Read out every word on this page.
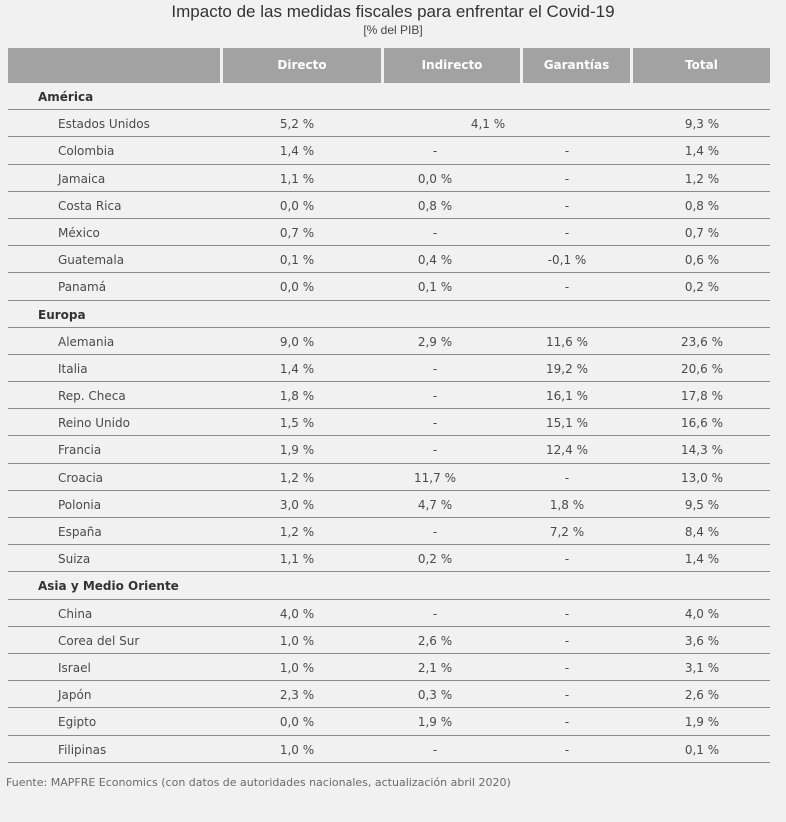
Impacto de las medidas fiscales para enfrentar el Covid-19
[% del PIB]
Directo	Indirecto	Garantías	Total
América
Estados Unidos	5,2 %	4,1 %	9,3 %
Colombia	1,4 %	-	-	1,4 %
Jamaica	1,1 %	0,0 %	-	1,2 %
Costa Rica	0,0 %	0,8 %	-	0,8 %
México	0,7 %	-	-	0,7 %
Guatemala	0,1 %	0,4 %	-0,1 %	0,6 %
Panamá	0,0 %	0,1 %	-	0,2 %
Europa
Alemania	9,0 %	2,9 %	11,6 %	23,6 %
Italia	1,4 %	-	19,2 %	20,6 %
Rep. Checa	1,8 %	-	16,1 %	17,8 %
Reino Unido	1,5 %	-	15,1 %	16,6 %
Francia	1,9 %	-	12,4 %	14,3 %
Croacia	1,2 %	11,7 %	-	13,0 %
Polonia	3,0 %	4,7 %	1,8 %	9,5 %
España	1,2 %	-	7,2 %	8,4 %
Suiza	1,1 %	0,2 %	-	1,4 %
Asia y Medio Oriente
China	4,0 %	-	-	4,0 %
Corea del Sur	1,0 %	2,6 %	-	3,6 %
Israel	1,0 %	2,1 %	-	3,1 %
Japón	2,3 %	0,3 %	-	2,6 %
Egipto	0,0 %	1,9 %	-	1,9 %
Filipinas	1,0 %	-	-	0,1 %
Fuente: MAPFRE Economics (con datos de autoridades nacionales, actualización abril 2020)
